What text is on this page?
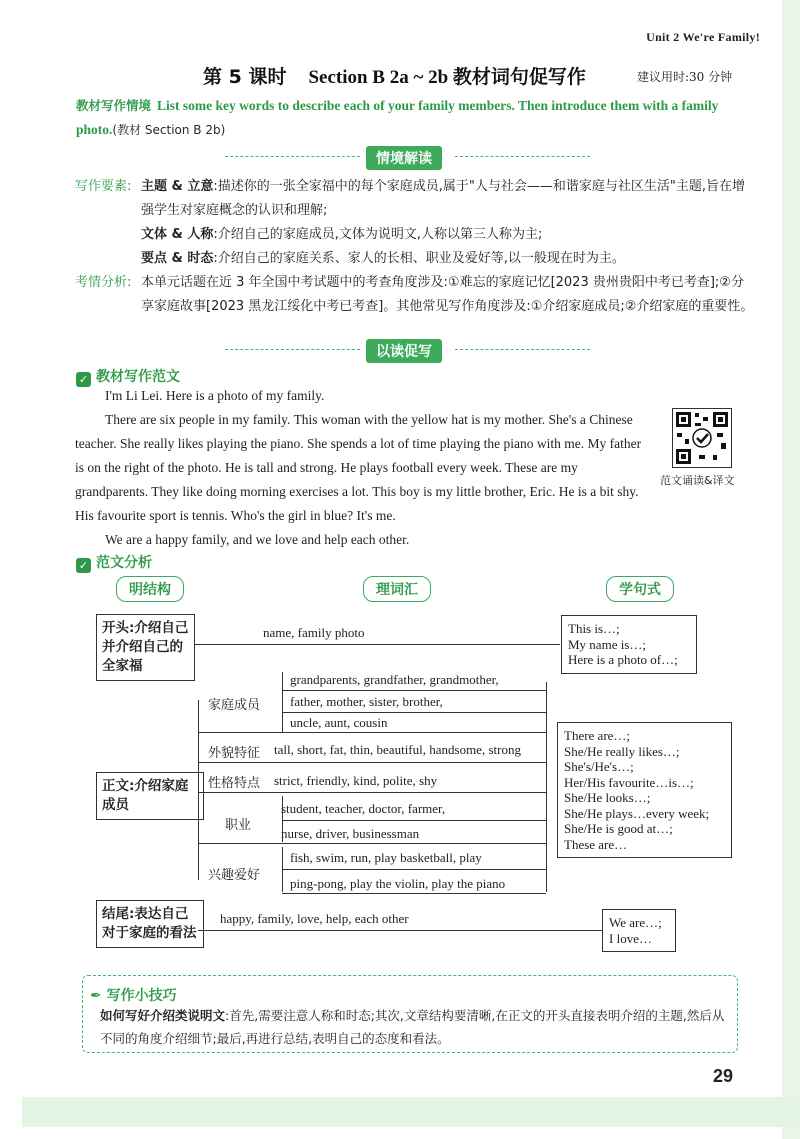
Unit 2 We're Family!
第 5 课时 Section B 2a ~ 2b 教材词句促写作	建议用时:30 分钟
教材写作情境 List some key words to describe each of your family members. Then introduce them with a family photo.(教材 Section B 2b)
情境解读
写作要素: 主题 & 立意:描述你的一张全家福中的每个家庭成员,属于"人与社会——和谐家庭与社区生活"主题,旨在增强学生对家庭概念的认识和理解;
文体 & 人称:介绍自己的家庭成员,文体为说明文,人称以第三人称为主;
要点 & 时态:介绍自己的家庭关系、家人的长相、职业及爱好等,以一般现在时为主。
考情分析: 本单元话题在近 3 年全国中考试题中的考查角度涉及:①难忘的家庭记忆[2023 贵州贵阳中考已考查];②分享家庭故事[2023 黑龙江绥化中考已考查]。其他常见写作角度涉及:①介绍家庭成员;②介绍家庭的重要性。
以读促写
✓ 教材写作范文

I'm Li Lei. Here is a photo of my family.

There are six people in my family. This woman with the yellow hat is my mother. She's a Chinese teacher. She really likes playing the piano. She spends a lot of time playing the piano with me. My father is on the right of the photo. He is tall and strong. He plays football every week. These are my grandparents. They like doing morning exercises a lot. This boy is my little brother, Eric. He is a bit shy. His favourite sport is tennis. Who's the girl in blue? It's me.

We are a happy family, and we love and help each other.

范文诵读&译文
✓ 范文分析
明结构	理词汇	学句式
开头:介绍自己并介绍自己的全家福
name, family photo	This is…;
My name is…;
Here is a photo of…;
正文:介绍家庭成员
家庭成员
grandparents, grandfather, grandmother,
father, mother, sister, brother,
uncle, aunt, cousin
外貌特征 tall, short, fat, thin, beautiful, handsome, strong
性格特点 strict, friendly, kind, polite, shy
职业
student, teacher, doctor, farmer,
nurse, driver, businessman
兴趣爱好
fish, swim, run, play basketball, play
ping-pong, play the violin, play the piano
There are…;
She/He really likes…;
She's/He's…;
Her/His favourite…is…;
She/He looks…;
She/He plays…every week;
She/He is good at…;
These are…
结尾:表达自己对于家庭的看法
happy, family, love, help, each other	We are…;
I love…
✒ 写作小技巧
如何写好介绍类说明文:首先,需要注意人称和时态;其次,文章结构要清晰,在正文的开头直接表明介绍的主题,然后从不同的角度介绍细节;最后,再进行总结,表明自己的态度和看法。
29
